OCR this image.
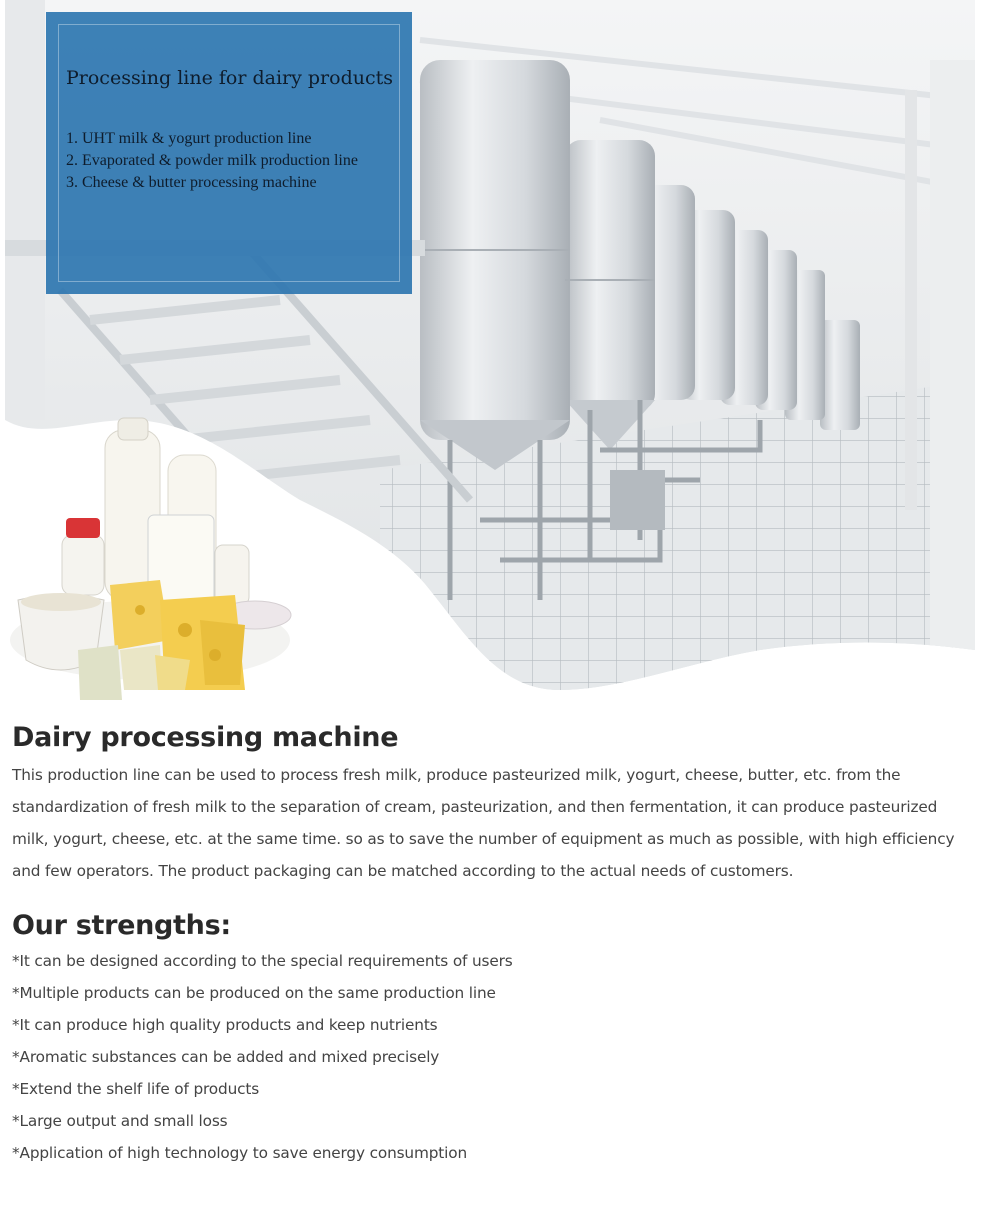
Processing line for dairy products
1. UHT milk & yogurt production line
2. Evaporated & powder milk production line
3. Cheese & butter processing machine
Dairy processing machine

This production line can be used to process fresh milk, produce pasteurized milk, yogurt, cheese, butter, etc. from the
standardization of fresh milk to the separation of cream, pasteurization, and then fermentation, it can produce pasteurized
milk, yogurt, cheese, etc. at the same time. so as to save the number of equipment as much as possible, with high efficiency
and few operators. The product packaging can be matched according to the actual needs of customers.

Our strengths:
*It can be designed according to the special requirements of users
*Multiple products can be produced on the same production line
*It can produce high quality products and keep nutrients
*Aromatic substances can be added and mixed precisely
*Extend the shelf life of products
*Large output and small loss
*Application of high technology to save energy consumption
